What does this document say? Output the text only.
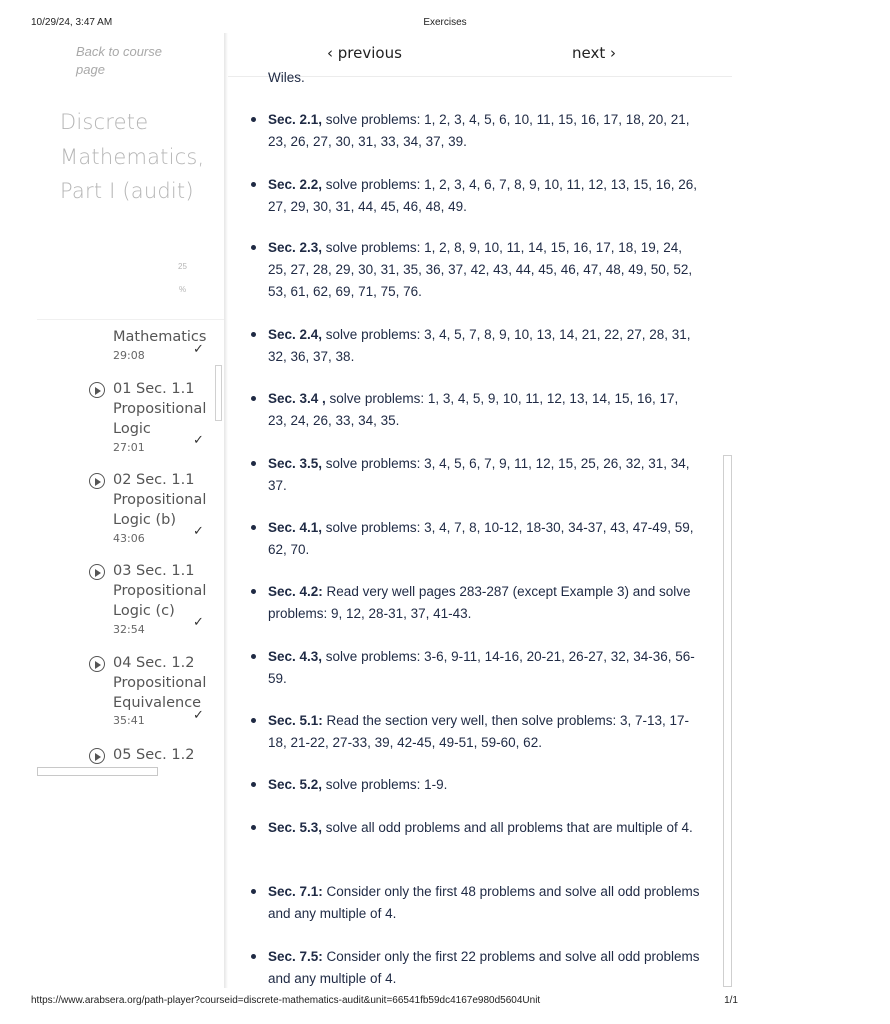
10/29/24, 3:47 AM	Exercises
Back to course page
Discrete Mathematics, Part I (audit)
25
%
Mathematics
29:08	✓
01 Sec. 1.1 Propositional Logic
27:01
✓
02 Sec. 1.1 Propositional Logic (b)
43:06
✓
03 Sec. 1.1 Propositional Logic (c)
32:54
✓
04 Sec. 1.2 Propositional Equivalence
35:41	✓
05 Sec. 1.2
‹ previous	next ›
Wiles.
Sec. 2.1, solve problems: 1, 2, 3, 4, 5, 6, 10, 11, 15, 16, 17, 18, 20, 21, 23, 26, 27, 30, 31, 33, 34, 37, 39.
Sec. 2.2, solve problems: 1, 2, 3, 4, 6, 7, 8, 9, 10, 11, 12, 13, 15, 16, 26, 27, 29, 30, 31, 44, 45, 46, 48, 49.
Sec. 2.3, solve problems: 1, 2, 8, 9, 10, 11, 14, 15, 16, 17, 18, 19, 24, 25, 27, 28, 29, 30, 31, 35, 36, 37, 42, 43, 44, 45, 46, 47, 48, 49, 50, 52, 53, 61, 62, 69, 71, 75, 76.
Sec. 2.4, solve problems: 3, 4, 5, 7, 8, 9, 10, 13, 14, 21, 22, 27, 28, 31, 32, 36, 37, 38.
Sec. 3.4 , solve problems: 1, 3, 4, 5, 9, 10, 11, 12, 13, 14, 15, 16, 17, 23, 24, 26, 33, 34, 35.
Sec. 3.5, solve problems: 3, 4, 5, 6, 7, 9, 11, 12, 15, 25, 26, 32, 31, 34, 37.
Sec. 4.1, solve problems: 3, 4, 7, 8, 10-12, 18-30, 34-37, 43, 47-49, 59, 62, 70.
Sec. 4.2: Read very well pages 283-287 (except Example 3) and solve problems: 9, 12, 28-31, 37, 41-43.
Sec. 4.3, solve problems: 3-6, 9-11, 14-16, 20-21, 26-27, 32, 34-36, 56-59.
Sec. 5.1: Read the section very well, then solve problems: 3, 7-13, 17-18, 21-22, 27-33, 39, 42-45, 49-51, 59-60, 62.
Sec. 5.2, solve problems: 1-9.
Sec. 5.3, solve all odd problems and all problems that are multiple of 4.
Sec. 7.1: Consider only the first 48 problems and solve all odd problems and any multiple of 4.
Sec. 7.5: Consider only the first 22 problems and solve all odd problems and any multiple of 4.
https://www.arabsera.org/path-player?courseid=discrete-mathematics-audit&unit=66541fb59dc4167e980d5604Unit	1/1
